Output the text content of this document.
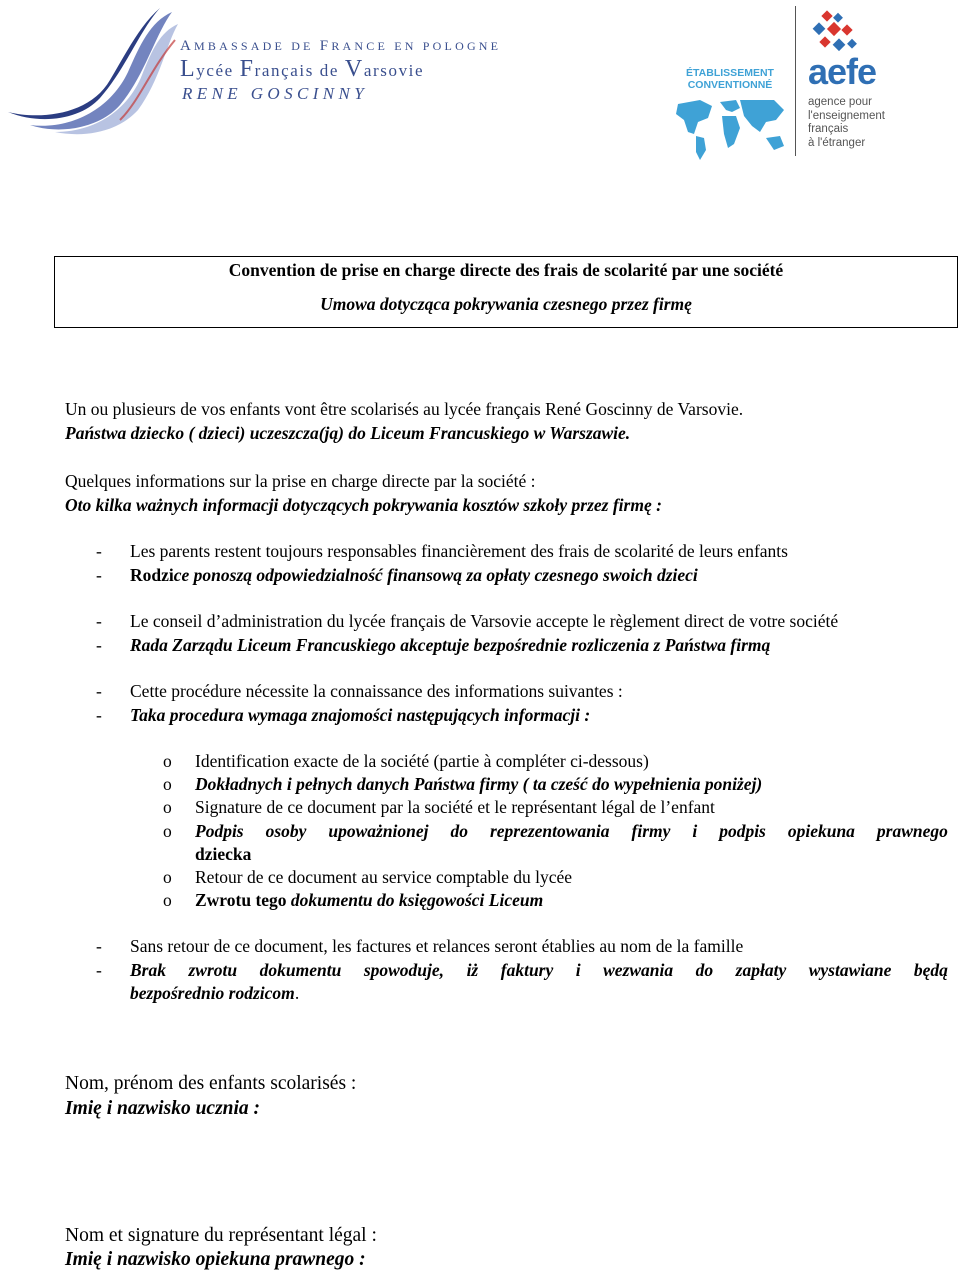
AMBASSADE DE FRANCE EN POLOGNE
Lycée Français de Varsovie
RENE GOSCINNY
ÉTABLISSEMENT
CONVENTIONNÉ aefe
agence pour
l'enseignement
français
à l'étranger
Convention de prise en charge directe des frais de scolarité par une société
Umowa dotycząca pokrywania czesnego przez firmę
Un ou plusieurs de vos enfants vont être scolarisés au lycée français René Goscinny de Varsovie.
Państwa dziecko ( dzieci) uczeszcza(ją) do Liceum Francuskiego w Warszawie.
Quelques informations sur la prise en charge directe par la société :
Oto kilka ważnych informacji dotyczących pokrywania kosztów szkoły przez firmę :
- Les parents restent toujours responsables financièrement des frais de scolarité de leurs enfants
- Rodzice ponoszą odpowiedzialność finansową za opłaty czesnego swoich dzieci
- Le conseil d’administration du lycée français de Varsovie accepte le règlement direct de votre société
- Rada Zarządu Liceum Francuskiego akceptuje bezpośrednie rozliczenia z Państwa firmą
- Cette procédure nécessite la connaissance des informations suivantes :
- Taka procedura wymaga znajomości następujących informacji :
o Identification exacte de la société (partie à compléter ci-dessous)
o Dokładnych i pełnych danych Państwa firmy ( ta cześć do wypełnienia poniżej)
o Signature de ce document par la société et le représentant légal de l’enfant
o Podpis osoby upoważnionej do reprezentowania firmy i podpis opiekuna prawnego
dziecka
o Retour de ce document au service comptable du lycée
o Zwrotu tego dokumentu do księgowości Liceum
- Sans retour de ce document, les factures et relances seront établies au nom de la famille
- Brak zwrotu dokumentu spowoduje, iż faktury i wezwania do zapłaty wystawiane będą
bezpośrednio rodzicom.
Nom, prénom des enfants scolarisés :
Imię i nazwisko ucznia :
Nom et signature du représentant légal :
Imię i nazwisko opiekuna prawnego :
